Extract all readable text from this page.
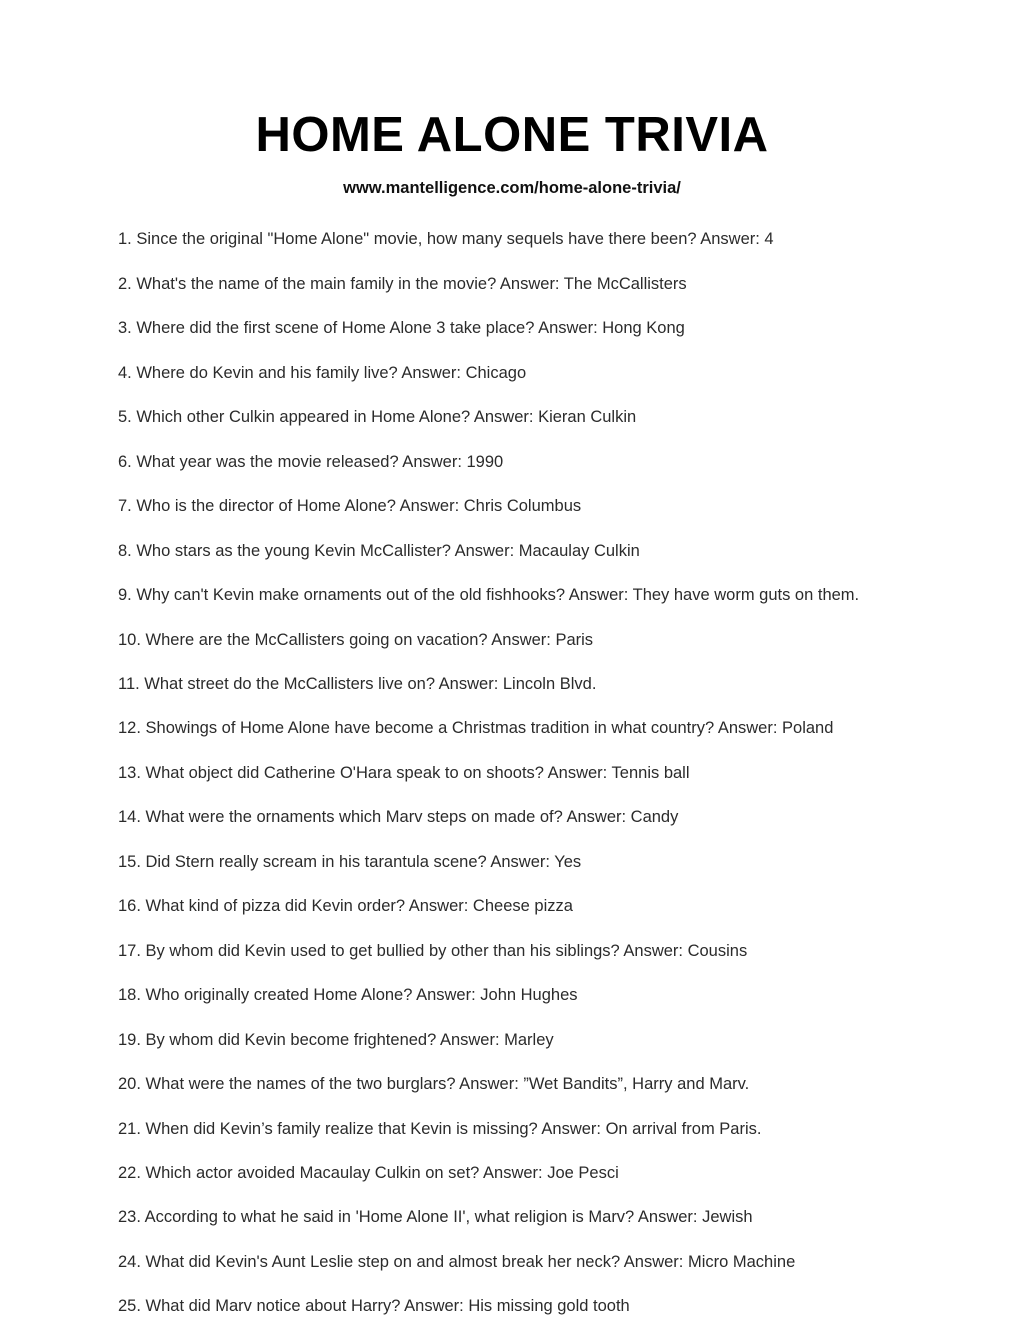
HOME ALONE TRIVIA
www.mantelligence.com/home-alone-trivia/
1. Since the original "Home Alone" movie, how many sequels have there been? Answer: 4
2. What's the name of the main family in the movie? Answer: The McCallisters
3. Where did the first scene of Home Alone 3 take place? Answer: Hong Kong
4. Where do Kevin and his family live? Answer: Chicago
5. Which other Culkin appeared in Home Alone? Answer: Kieran Culkin
6. What year was the movie released? Answer: 1990
7. Who is the director of Home Alone? Answer: Chris Columbus
8. Who stars as the young Kevin McCallister? Answer: Macaulay Culkin
9. Why can't Kevin make ornaments out of the old fishhooks? Answer: They have worm guts on them.
10. Where are the McCallisters going on vacation? Answer: Paris
11. What street do the McCallisters live on? Answer: Lincoln Blvd.
12. Showings of Home Alone have become a Christmas tradition in what country? Answer: Poland
13. What object did Catherine O'Hara speak to on shoots? Answer: Tennis ball
14. What were the ornaments which Marv steps on made of? Answer: Candy
15. Did Stern really scream in his tarantula scene? Answer: Yes
16. What kind of pizza did Kevin order? Answer: Cheese pizza
17. By whom did Kevin used to get bullied by other than his siblings? Answer: Cousins
18. Who originally created Home Alone? Answer: John Hughes
19. By whom did Kevin become frightened? Answer: Marley
20. What were the names of the two burglars? Answer: ”Wet Bandits”, Harry and Marv.
21. When did Kevin’s family realize that Kevin is missing? Answer: On arrival from Paris.
22. Which actor avoided Macaulay Culkin on set? Answer: Joe Pesci
23. According to what he said in 'Home Alone II', what religion is Marv? Answer: Jewish
24. What did Kevin's Aunt Leslie step on and almost break her neck? Answer: Micro Machine
25. What did Marv notice about Harry? Answer: His missing gold tooth
